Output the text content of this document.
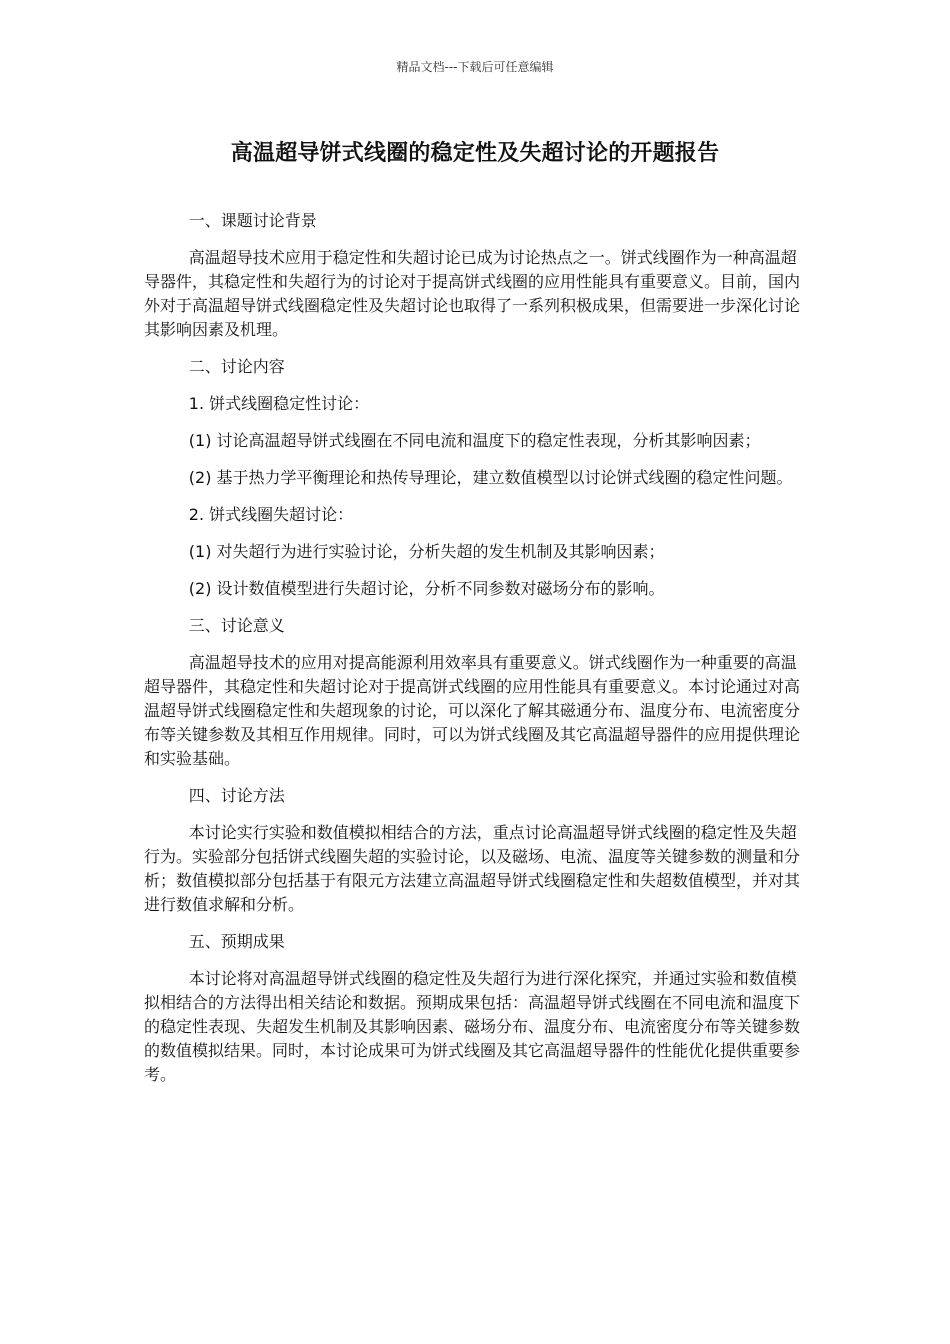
精品文档---下载后可任意编辑
高温超导饼式线圈的稳定性及失超讨论的开题报告

一、课题讨论背景

高温超导技术应用于稳定性和失超讨论已成为讨论热点之一。饼式线圈作为一种高温超导器件，其稳定性和失超行为的讨论对于提高饼式线圈的应用性能具有重要意义。目前，国内外对于高温超导饼式线圈稳定性及失超讨论也取得了一系列积极成果，但需要进一步深化讨论其影响因素及机理。

二、讨论内容

1. 饼式线圈稳定性讨论：

(1) 讨论高温超导饼式线圈在不同电流和温度下的稳定性表现，分析其影响因素；

(2) 基于热力学平衡理论和热传导理论，建立数值模型以讨论饼式线圈的稳定性问题。

2. 饼式线圈失超讨论：

(1) 对失超行为进行实验讨论，分析失超的发生机制及其影响因素；

(2) 设计数值模型进行失超讨论，分析不同参数对磁场分布的影响。

三、讨论意义

高温超导技术的应用对提高能源利用效率具有重要意义。饼式线圈作为一种重要的高温超导器件，其稳定性和失超讨论对于提高饼式线圈的应用性能具有重要意义。本讨论通过对高温超导饼式线圈稳定性和失超现象的讨论，可以深化了解其磁通分布、温度分布、电流密度分布等关键参数及其相互作用规律。同时，可以为饼式线圈及其它高温超导器件的应用提供理论和实验基础。

四、讨论方法

本讨论实行实验和数值模拟相结合的方法，重点讨论高温超导饼式线圈的稳定性及失超行为。实验部分包括饼式线圈失超的实验讨论，以及磁场、电流、温度等关键参数的测量和分析；数值模拟部分包括基于有限元方法建立高温超导饼式线圈稳定性和失超数值模型，并对其进行数值求解和分析。

五、预期成果

本讨论将对高温超导饼式线圈的稳定性及失超行为进行深化探究，并通过实验和数值模拟相结合的方法得出相关结论和数据。预期成果包括：高温超导饼式线圈在不同电流和温度下的稳定性表现、失超发生机制及其影响因素、磁场分布、温度分布、电流密度分布等关键参数的数值模拟结果。同时，本讨论成果可为饼式线圈及其它高温超导器件的性能优化提供重要参考。
